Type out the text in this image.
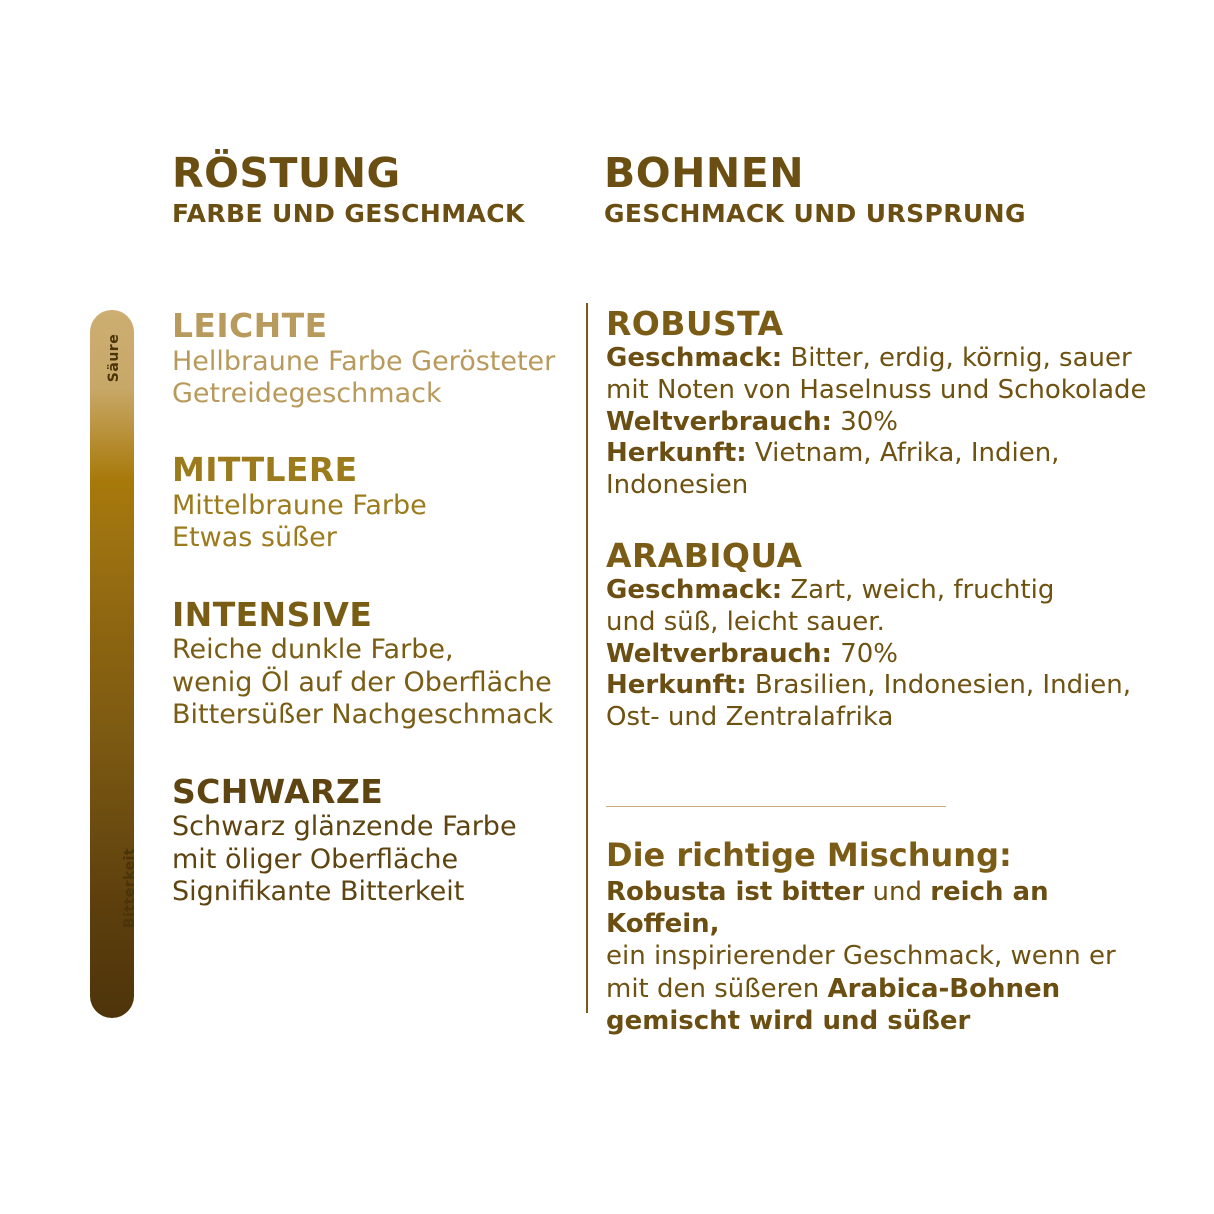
RÖSTUNG
FARBE UND GESCHMACK
BOHNEN
GESCHMACK UND URSPRUNG
Säure
Bitterkeit
LEICHTE
Hellbraune Farbe Gerösteter
Getreidegeschmack
MITTLERE
Mittelbraune Farbe
Etwas süßer
INTENSIVE
Reiche dunkle Farbe,
wenig Öl auf der Oberfläche
Bittersüßer Nachgeschmack
SCHWARZE
Schwarz glänzende Farbe
mit öliger Oberfläche
Signifikante Bitterkeit
ROBUSTA

Geschmack: Bitter, erdig, körnig, sauer

mit Noten von Haselnuss und Schokolade

Weltverbrauch: 30%

Herkunft: Vietnam, Afrika, Indien,

Indonesien

ARABIQUA

Geschmack: Zart, weich, fruchtig

und süß, leicht sauer.

Weltverbrauch: 70%

Herkunft: Brasilien, Indonesien, Indien,

Ost- und Zentralafrika

Die richtige Mischung:

Robusta ist bitter und reich an Koffein,

ein inspirierender Geschmack, wenn er

mit den süßeren Arabica-Bohnen

gemischt wird und süßer
